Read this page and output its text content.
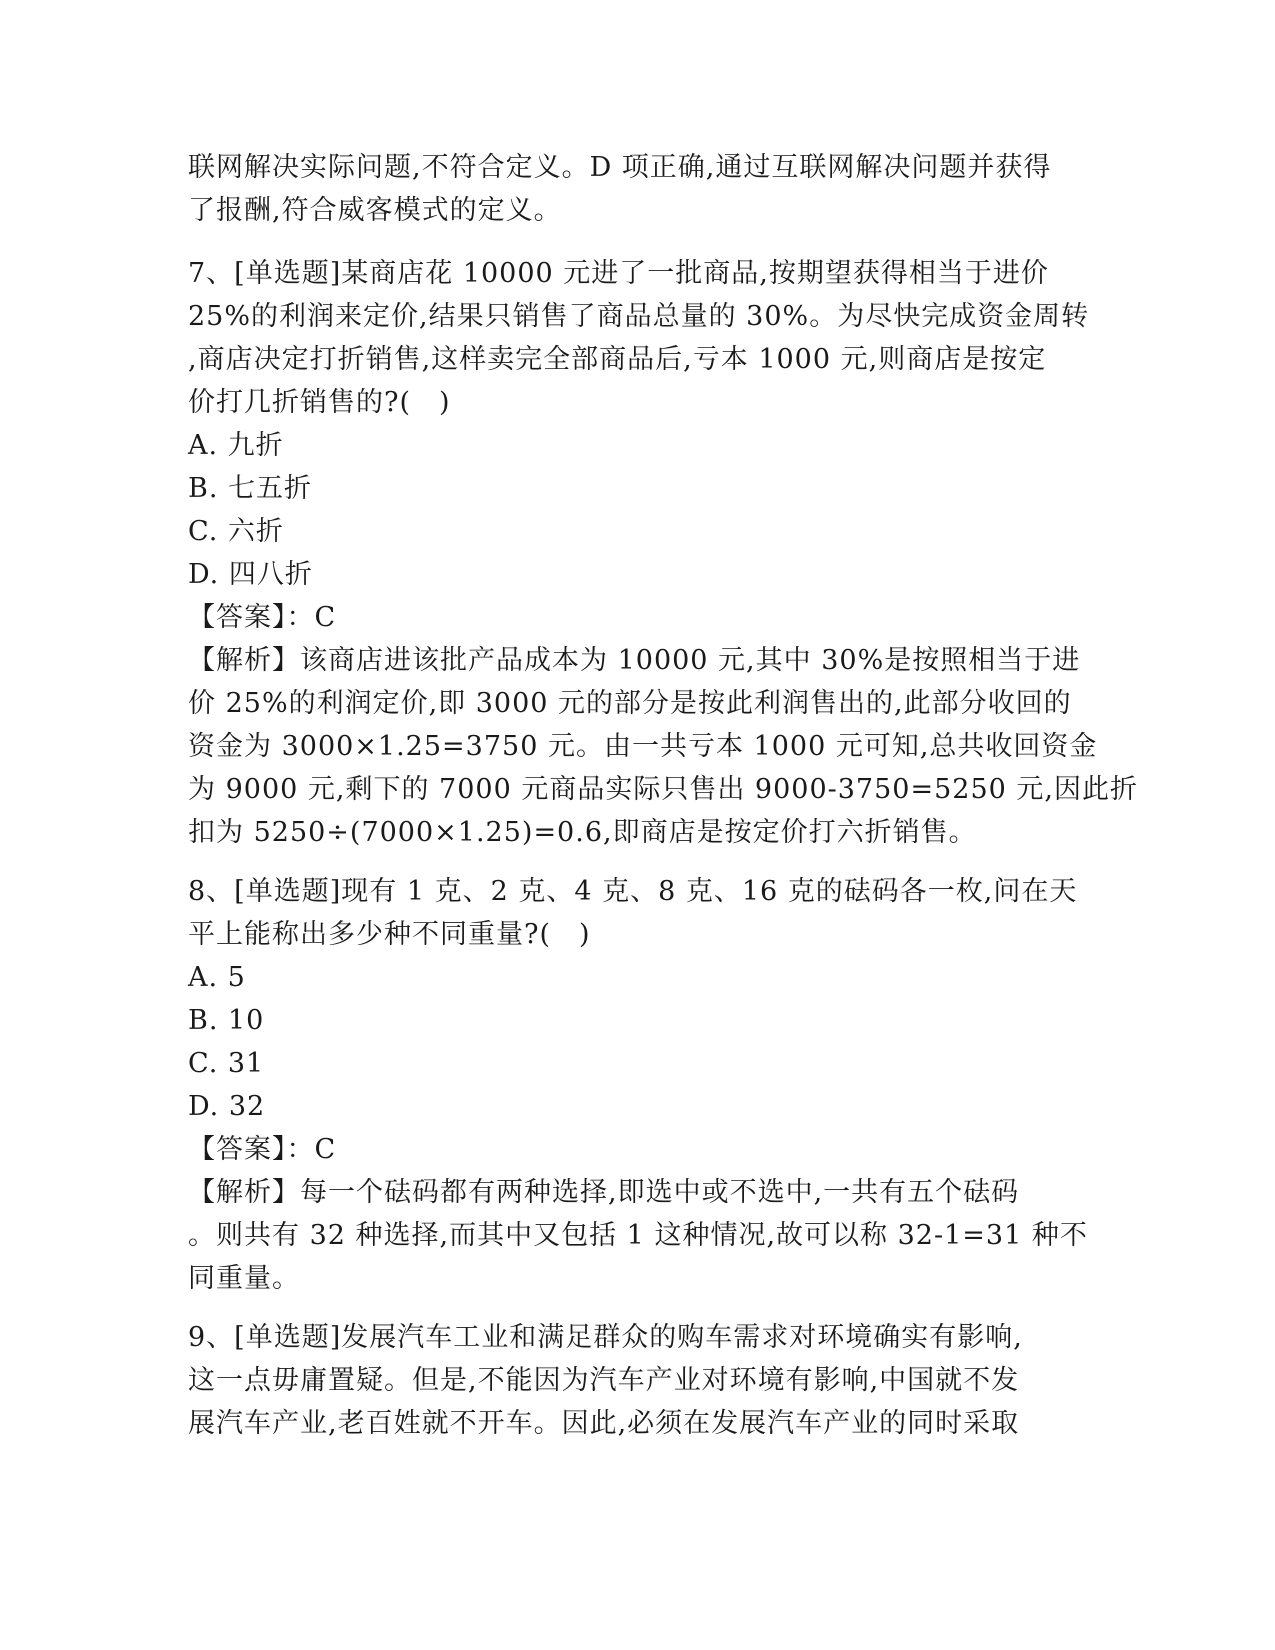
联网解决实际问题,不符合定义。D 项正确,通过互联网解决问题并获得
了报酬,符合威客模式的定义。
7、[单选题]某商店花 10000 元进了一批商品,按期望获得相当于进价
25%的利润来定价,结果只销售了商品总量的 30%。为尽快完成资金周转
,商店决定打折销售,这样卖完全部商品后,亏本 1000 元,则商店是按定
价打几折销售的?(　)
A. 九折
B. 七五折
C. 六折
D. 四八折
【答案】：C
【解析】该商店进该批产品成本为 10000 元,其中 30%是按照相当于进
价 25%的利润定价,即 3000 元的部分是按此利润售出的,此部分收回的
资金为 3000×1.25=3750 元。由一共亏本 1000 元可知,总共收回资金
为 9000 元,剩下的 7000 元商品实际只售出 9000-3750=5250 元,因此折
扣为 5250÷(7000×1.25)=0.6,即商店是按定价打六折销售。
8、[单选题]现有 1 克、2 克、4 克、8 克、16 克的砝码各一枚,问在天
平上能称出多少种不同重量?(　)
A. 5
B. 10
C. 31
D. 32
【答案】：C
【解析】每一个砝码都有两种选择,即选中或不选中,一共有五个砝码
。则共有 32 种选择,而其中又包括 1 这种情况,故可以称 32-1=31 种不
同重量。
9、[单选题]发展汽车工业和满足群众的购车需求对环境确实有影响,
这一点毋庸置疑。但是,不能因为汽车产业对环境有影响,中国就不发
展汽车产业,老百姓就不开车。因此,必须在发展汽车产业的同时采取
